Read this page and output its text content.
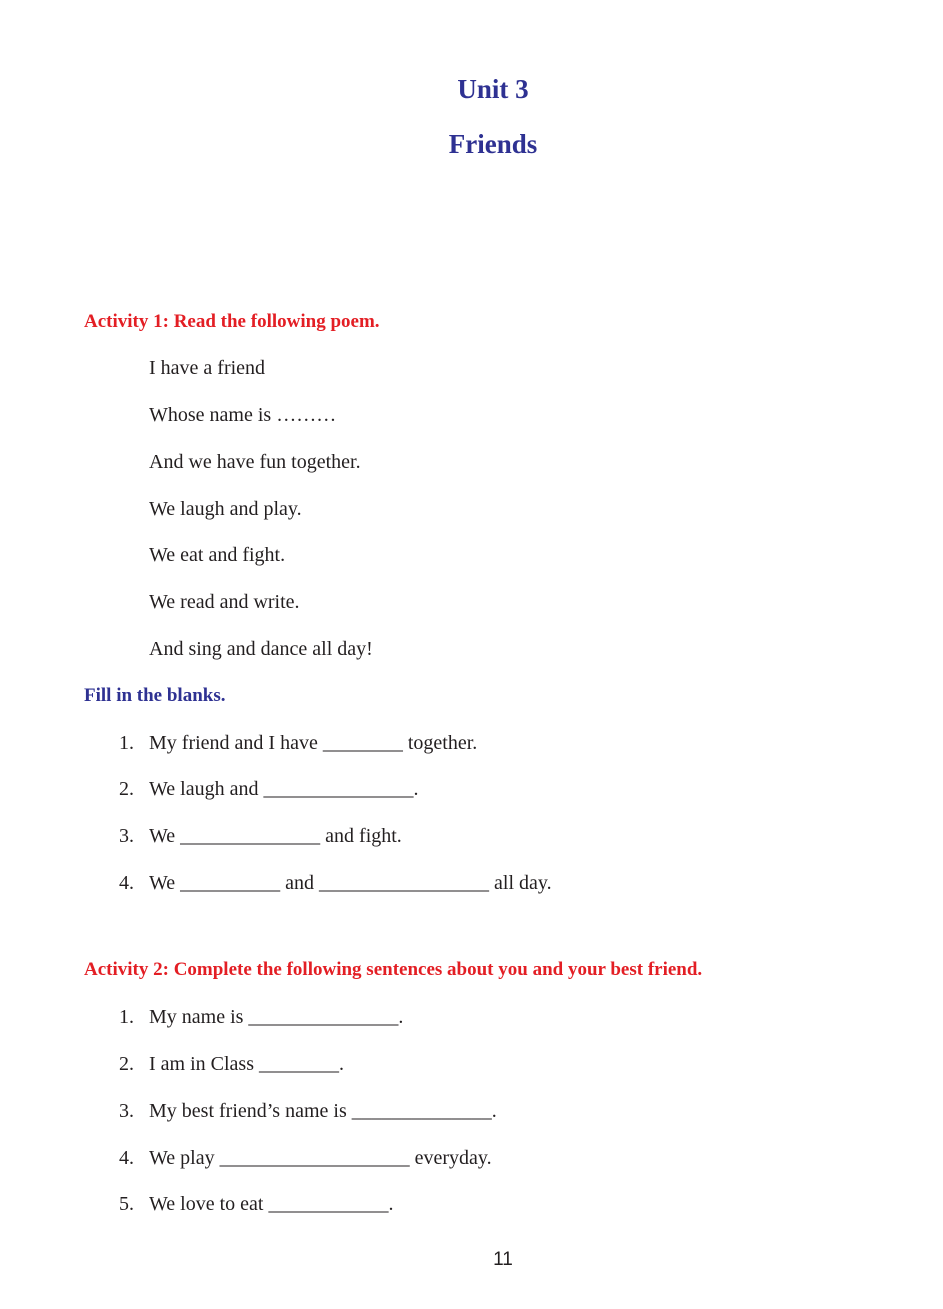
Unit 3
Friends
Activity 1: Read the following poem.
I have a friend
Whose name is ………
And we have fun together.
We laugh and play.
We eat and fight.
We read and write.
And sing and dance all day!
Fill in the blanks.
1. My friend and I have ________ together.
2. We laugh and _______________.
3. We ______________ and fight.
4. We __________ and _________________ all day.
Activity 2: Complete the following sentences about you and your best friend.
1. My name is _______________.
2. I am in Class ________.
3. My best friend’s name is ______________.
4. We play ___________________ everyday.
5. We love to eat ____________.
11
